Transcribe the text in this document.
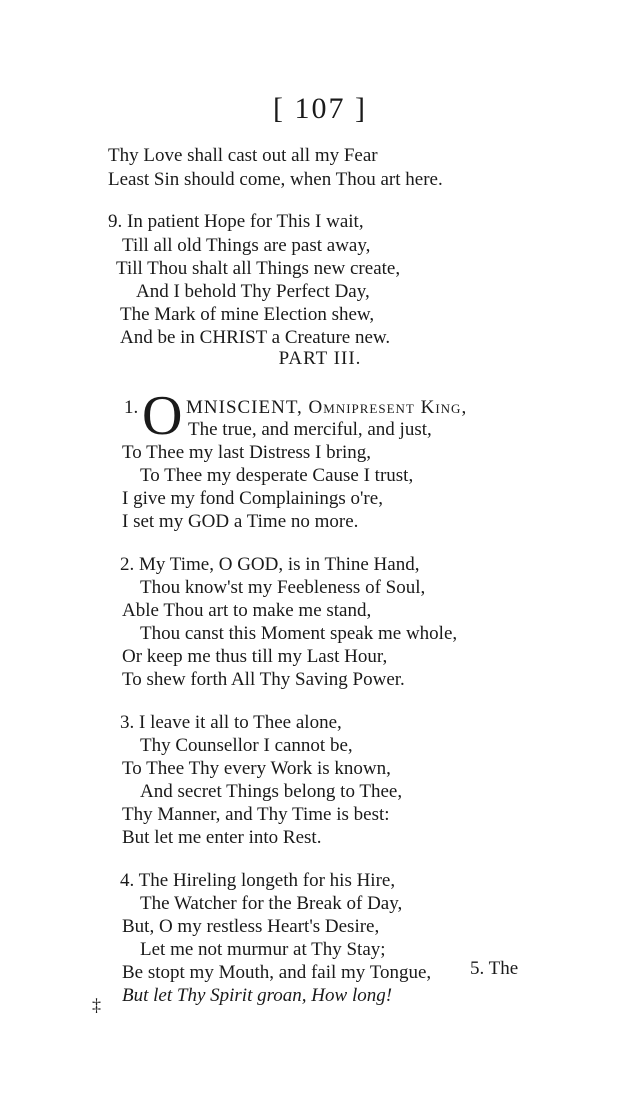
[ 107 ]
Thy Love shall cast out all my Fear
Least Sin should come, when Thou art here.
9. In patient Hope for This I wait,
Till all old Things are past away,
Till Thou shalt all Things new create,
And I behold Thy Perfect Day,
The Mark of mine Election shew,
And be in CHRIST a Creature new.
PART III.
1. O MNISCIENT, Omnipresent King,
The true, and merciful, and just,
To Thee my last Distress I bring,
To Thee my desperate Cause I trust,
I give my fond Complainings o're,
I set my GOD a Time no more.
2. My Time, O GOD, is in Thine Hand,
Thou know'st my Feebleness of Soul,
Able Thou art to make me stand,
Thou canst this Moment speak me whole,
Or keep me thus till my Last Hour,
To shew forth All Thy Saving Power.
3. I leave it all to Thee alone,
Thy Counsellor I cannot be,
To Thee Thy every Work is known,
And secret Things belong to Thee,
Thy Manner, and Thy Time is best:
But let me enter into Rest.
4. The Hireling longeth for his Hire,
The Watcher for the Break of Day,
But, O my restless Heart's Desire,
Let me not murmur at Thy Stay;
Be stopt my Mouth, and fail my Tongue,
But let Thy Spirit groan, How long!
5. The
‡
